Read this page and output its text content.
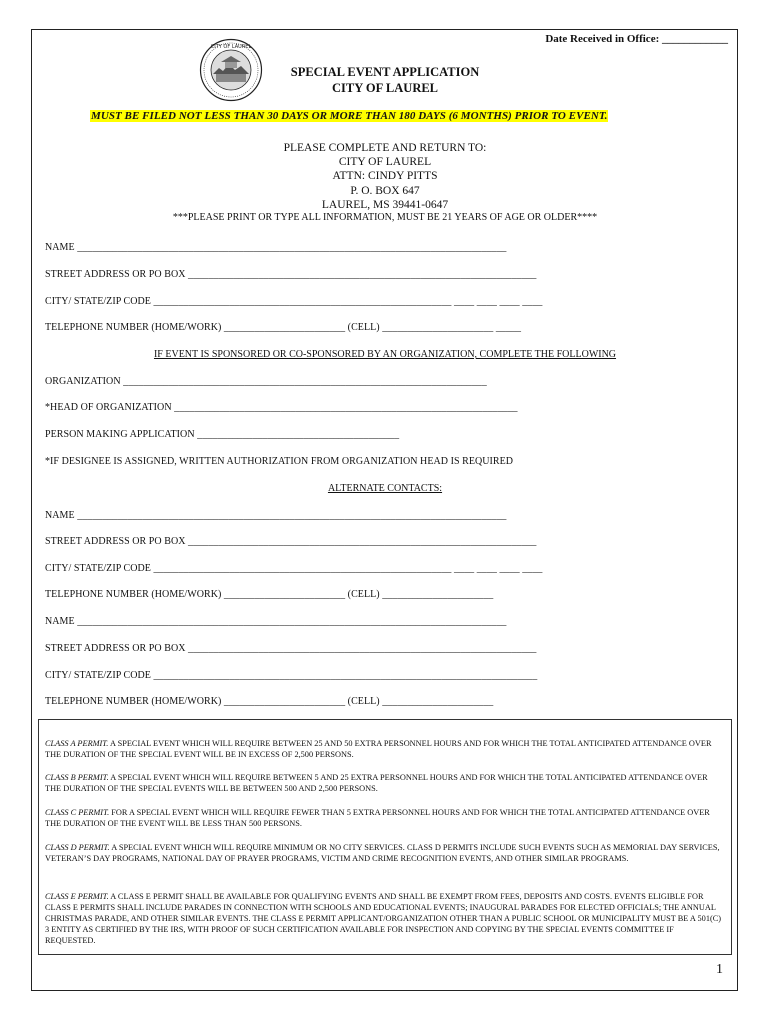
Date Received in Office: ____________
CITY OF LAUREL
SPECIAL EVENT APPLICATION
CITY OF LAUREL
MUST BE FILED NOT LESS THAN 30 DAYS OR MORE THAN 180 DAYS (6 MONTHS) PRIOR TO EVENT.
PLEASE COMPLETE AND RETURN TO:
CITY OF LAUREL
ATTN: CINDY PITTS
P. O. BOX 647
LAUREL, MS 39441-0647
***PLEASE PRINT OR TYPE ALL INFORMATION, MUST BE 21 YEARS OF AGE OR OLDER****
NAME _____________________________________________________________________________________
STREET ADDRESS OR PO BOX _____________________________________________________________________
CITY/ STATE/ZIP CODE ___________________________________________________________ ____ ____ ____ ____
TELEPHONE NUMBER (HOME/WORK) ________________________ (CELL) ______________________ _____
IF EVENT IS SPONSORED OR CO-SPONSORED BY AN ORGANIZATION, COMPLETE THE FOLLOWING
ORGANIZATION ________________________________________________________________________
*HEAD OF ORGANIZATION ____________________________________________________________________
PERSON MAKING APPLICATION ________________________________________
*IF DESIGNEE IS ASSIGNED, WRITTEN AUTHORIZATION FROM ORGANIZATION HEAD IS REQUIRED
ALTERNATE CONTACTS:
NAME _____________________________________________________________________________________
STREET ADDRESS OR PO BOX _____________________________________________________________________
CITY/ STATE/ZIP CODE ___________________________________________________________ ____ ____ ____ ____
TELEPHONE NUMBER (HOME/WORK) ________________________ (CELL) ______________________
NAME _____________________________________________________________________________________
STREET ADDRESS OR PO BOX _____________________________________________________________________
CITY/ STATE/ZIP CODE ____________________________________________________________________________
TELEPHONE NUMBER (HOME/WORK) ________________________ (CELL) ______________________
CLASS A PERMIT. A SPECIAL EVENT WHICH WILL REQUIRE BETWEEN 25 AND 50 EXTRA PERSONNEL HOURS AND FOR WHICH THE TOTAL ANTICIPATED ATTENDANCE OVER THE DURATION OF THE SPECIAL EVENT WILL BE IN EXCESS OF 2,500 PERSONS.
CLASS B PERMIT. A SPECIAL EVENT WHICH WILL REQUIRE BETWEEN 5 AND 25 EXTRA PERSONNEL HOURS AND FOR WHICH THE TOTAL ANTICIPATED ATTENDANCE OVER THE DURATION OF THE SPECIAL EVENTS WILL BE BETWEEN 500 AND 2,500 PERSONS.
CLASS C PERMIT. FOR A SPECIAL EVENT WHICH WILL REQUIRE FEWER THAN 5 EXTRA PERSONNEL HOURS AND FOR WHICH THE TOTAL ANTICIPATED ATTENDANCE OVER THE DURATION OF THE EVENT WILL BE LESS THAN 500 PERSONS.
CLASS D PERMIT. A SPECIAL EVENT WHICH WILL REQUIRE MINIMUM OR NO CITY SERVICES. CLASS D PERMITS INCLUDE SUCH EVENTS SUCH AS MEMORIAL DAY SERVICES, VETERAN’S DAY PROGRAMS, NATIONAL DAY OF PRAYER PROGRAMS, VICTIM AND CRIME RECOGNITION EVENTS, AND OTHER SIMILAR PROGRAMS.
CLASS E PERMIT. A CLASS E PERMIT SHALL BE AVAILABLE FOR QUALIFYING EVENTS AND SHALL BE EXEMPT FROM FEES, DEPOSITS AND COSTS. EVENTS ELIGIBLE FOR CLASS E PERMITS SHALL INCLUDE PARADES IN CONNECTION WITH SCHOOLS AND EDUCATIONAL EVENTS; INAUGURAL PARADES FOR ELECTED OFFICIALS; THE ANNUAL CHRISTMAS PARADE, AND OTHER SIMILAR EVENTS. THE CLASS E PERMIT APPLICANT/ORGANIZATION OTHER THAN A PUBLIC SCHOOL OR MUNICIPALITY MUST BE A 501(C) 3 ENTITY AS CERTIFIED BY THE IRS, WITH PROOF OF SUCH CERTIFICATION AVAILABLE FOR INSPECTION AND COPYING BY THE SPECIAL EVENTS COMMITTEE IF REQUESTED.
1
